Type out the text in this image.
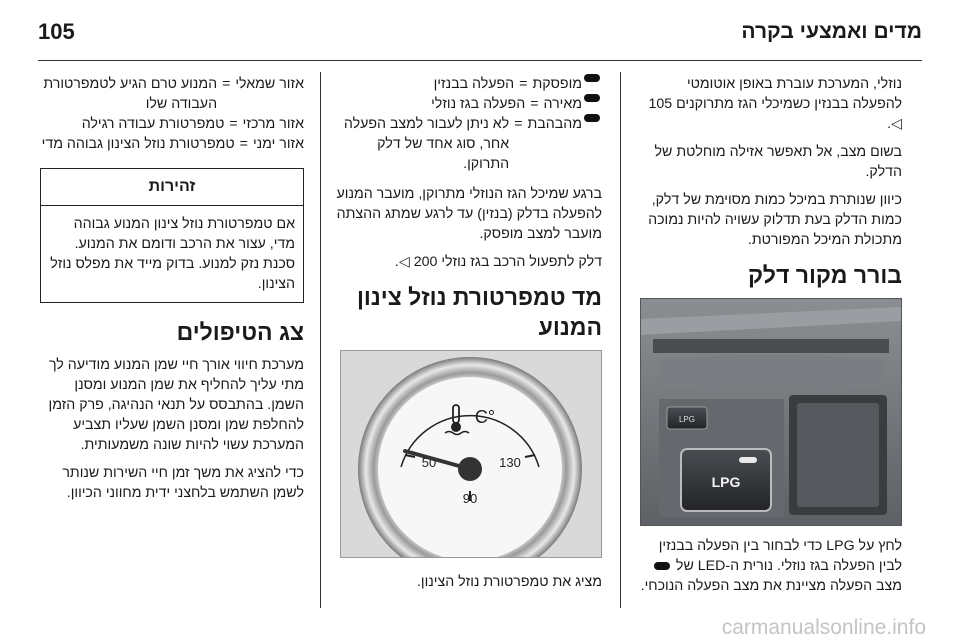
105	מדים ואמצעי בקרה

נוזלי, המערכת עוברת באופן אוטומטי להפעלה בבנזין כשמיכלי הגז מתרוקנים 105 ◁.

בשום מצב, אל תאפשר אזילה מוחלטת של הדלק.

כיוון שנותרת במיכל כמות מסוימת של דלק, כמות הדלק בעת תדלוק עשויה להיות נמוכה מתכולת המיכל המפורטת.

בורר מקור דלק
LPG
LPG

לחץ על LPG כדי לבחור בין הפעלה בבנזין לבין הפעלה בגז נוזלי. נורית ה-LED של  מצב הפעלה מציינת את מצב הפעלה הנוכחי.

מופסקת
=
הפעלה בבנזין
מאירה
=
הפעלה בגז נוזלי
מהבהבת
=
לא ניתן לעבור למצב הפעלה אחר, סוג אחד של דלק התרוקן.

ברגע שמיכל הגז הנוזלי מתרוקן, מועבר המנוע להפעלה בדלק (בנזין) עד לרגע שמתג ההצתה מועבר למצב מופסק.

דלק לתפעול הרכב בגז נוזלי 200 ◁.

מד טמפרטורת נוזל צינון המנוע
50	130
90
°C

מציג את טמפרטורת נוזל הצינון.

אזור שמאלי
=
המנוע טרם הגיע לטמפרטורת העבודה שלו
אזור מרכזי
=
טמפרטורת עבודה רגילה
אזור ימני
=
טמפרטורת נוזל הצינון גבוהה מדי
זהירות
אם טמפרטורת נוזל צינון המנוע גבוהה מדי, עצור את הרכב ודומם את המנוע. סכנת נזק למנוע. בדוק מייד את מפלס נוזל הצינון.
צג הטיפולים

מערכת חיווי אורך חיי שמן המנוע מודיעה לך מתי עליך להחליף את שמן המנוע ומסנן השמן. בהתבסס על תנאי הנהיגה, פרק הזמן להחלפת שמן ומסנן השמן שעליו תצביע המערכת עשוי להיות שונה משמעותית.

כדי להציג את משך זמן חיי השירות שנותר לשמן השתמש בלחצני ידית מחווני הכיוון.

carmanualsonline.info
